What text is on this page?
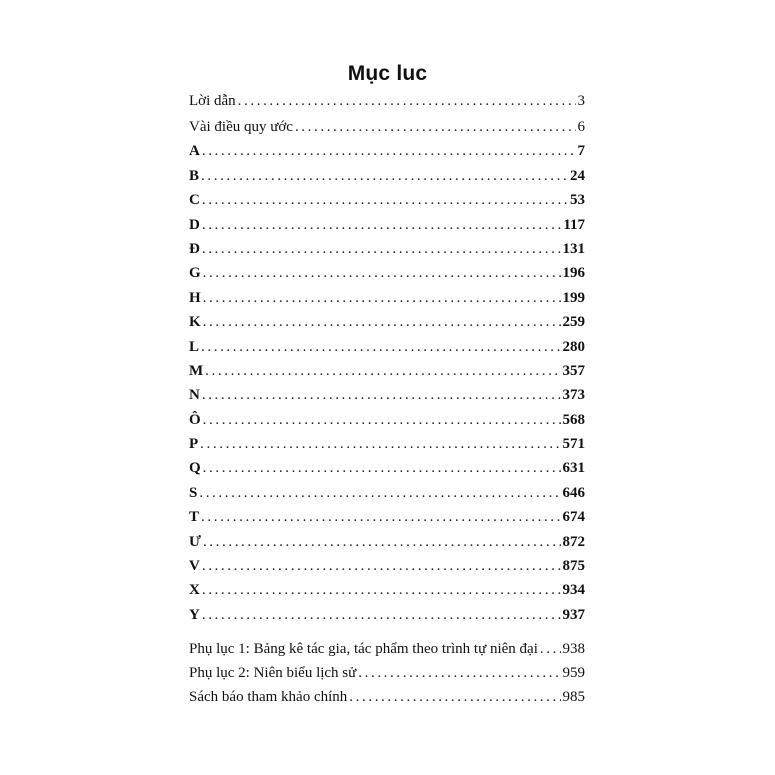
Mục luc
Lời dẫn .....	3
Vài điều quy ước .....	6
A .....	7
B .....	24
C .....	53
D .....	117
Đ .....	131
G .....	196
H .....	199
K .....	259
L .....	280
M .....	357
N .....	373
Ô .....	568
P .....	571
Q .....	631
S .....	646
T .....	674
Ư .....	872
V .....	875
X .....	934
Y .....	937
Phụ lục 1: Bảng kê tác gia, tác phẩm theo trình tự niên đại ..... 938
Phụ lục 2: Niên biểu lịch sử .....	959
Sách báo tham khảo chính .....	985
